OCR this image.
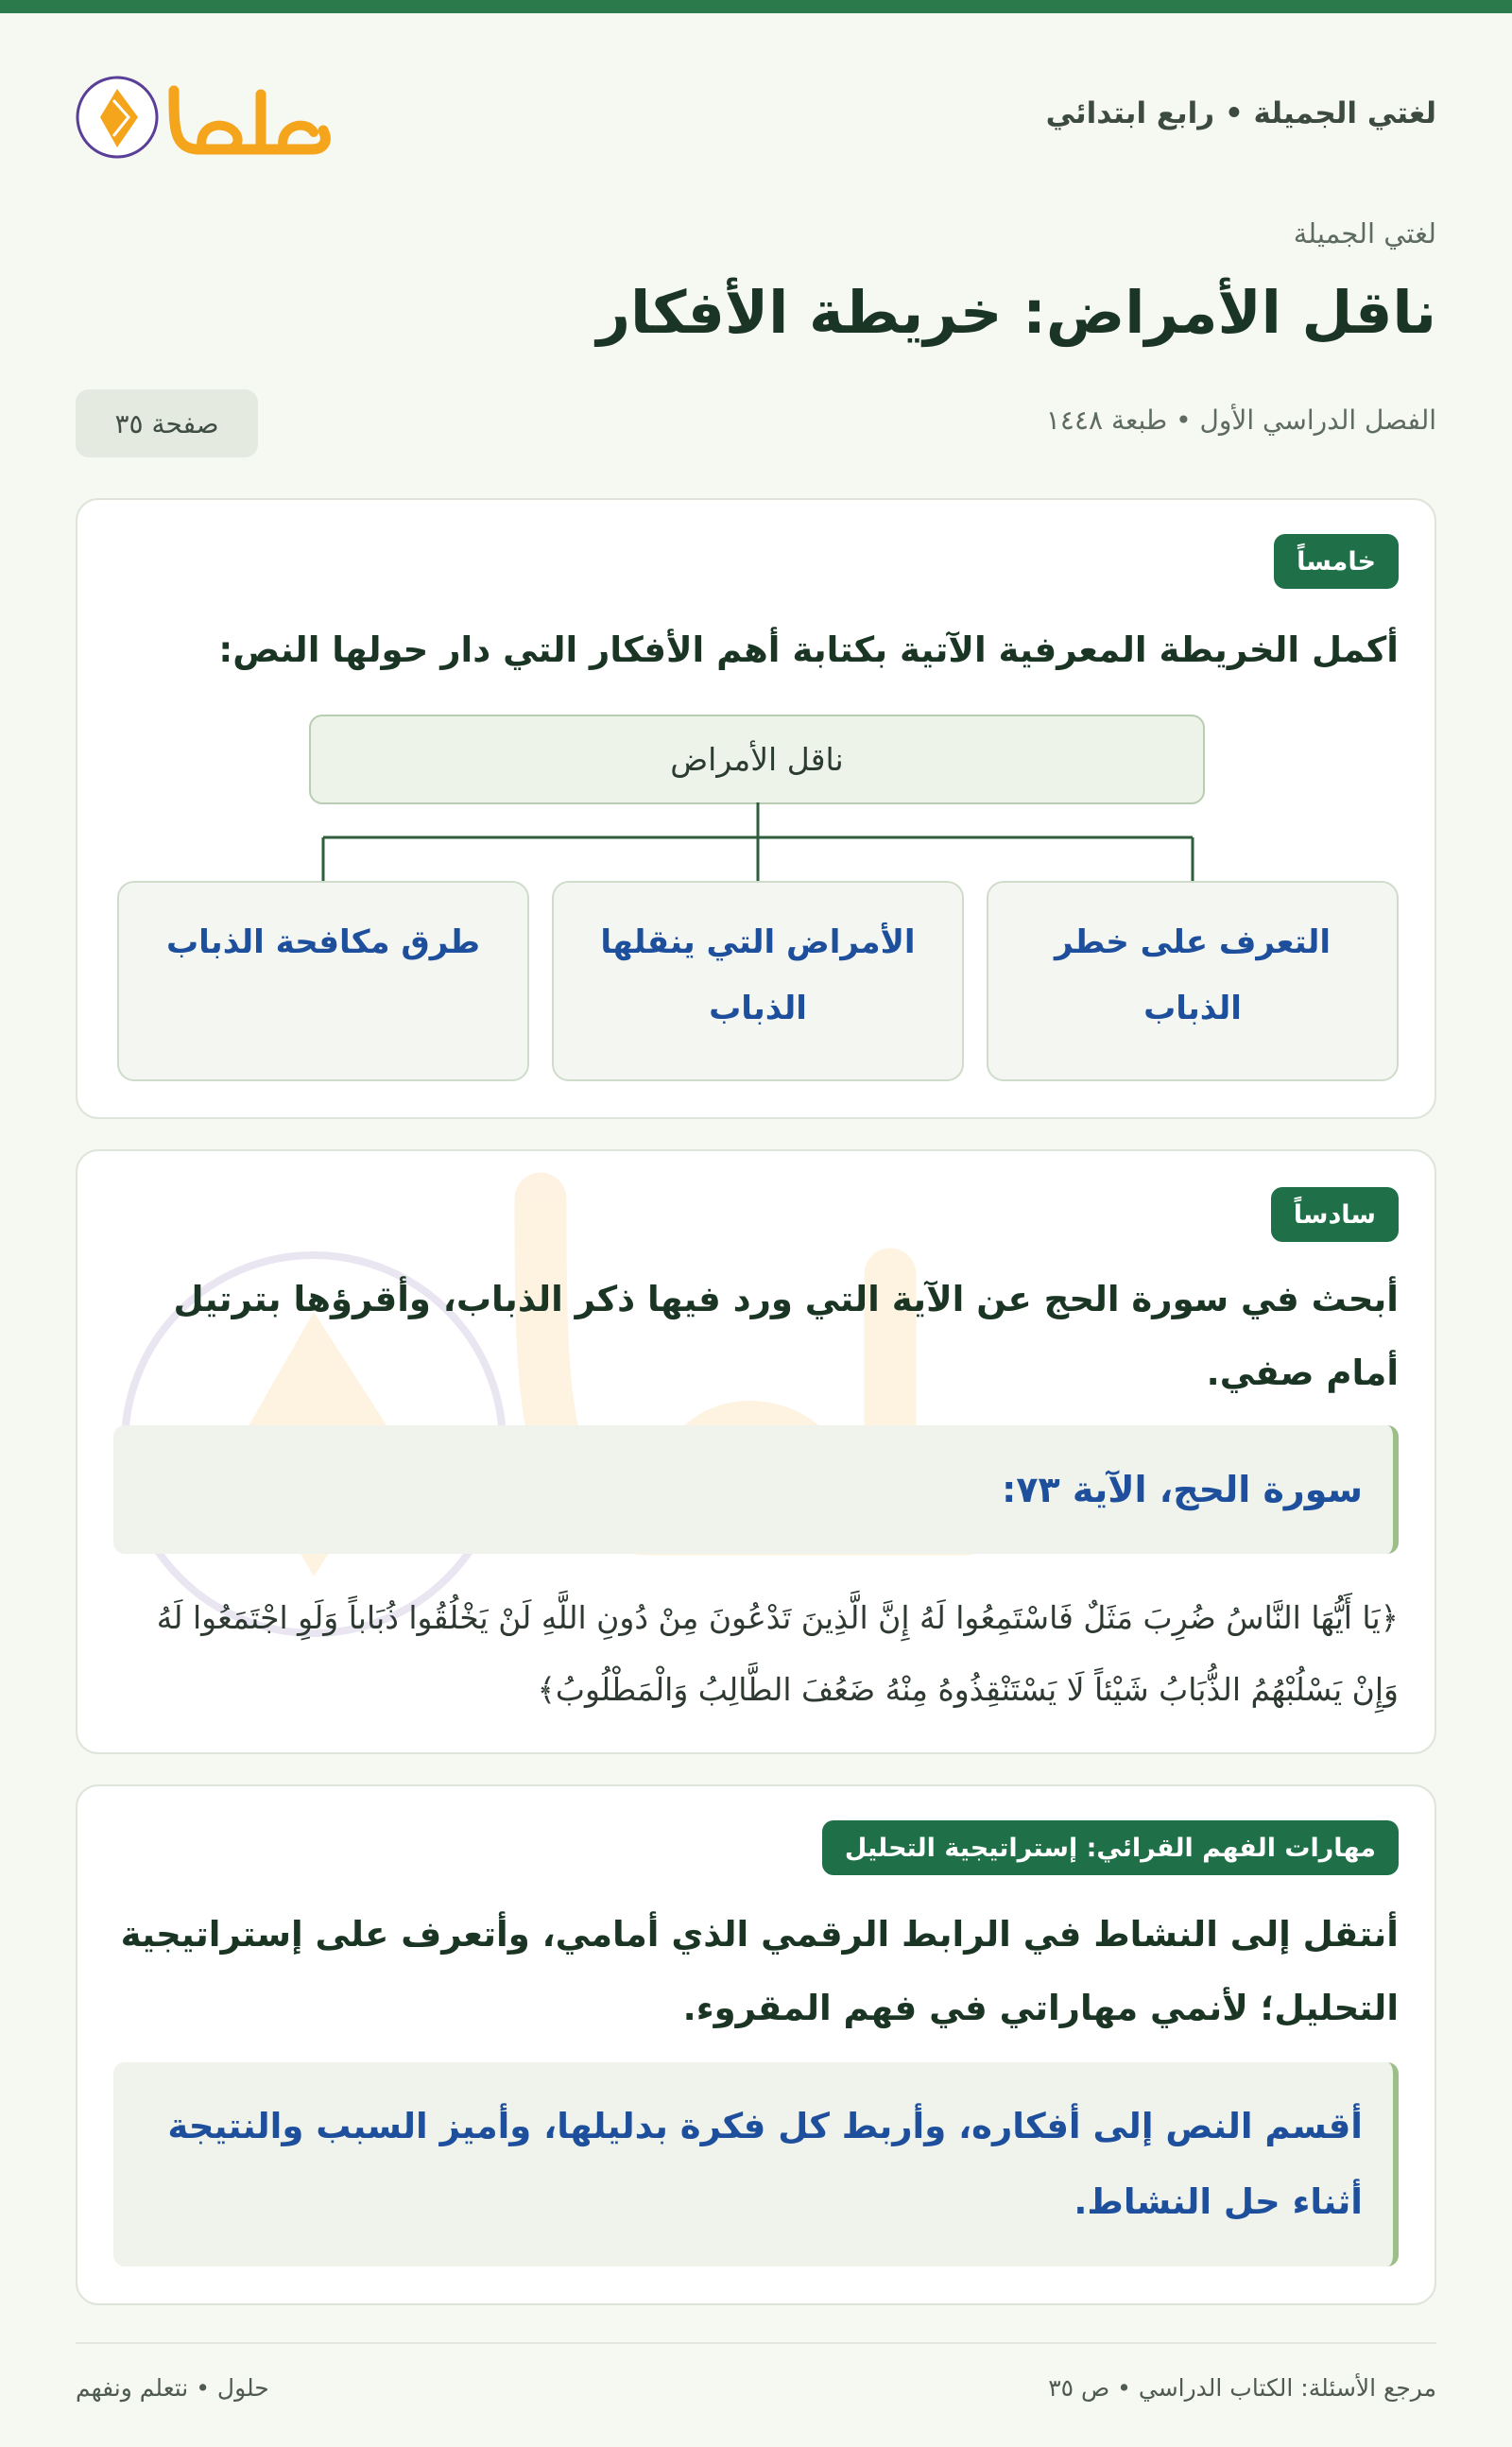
لغتي الجميلة • رابع ابتدائي
لغتي الجميلة
ناقل الأمراض: خريطة الأفكار
الفصل الدراسي الأول • طبعة ١٤٤٨
صفحة ٣٥
خامساً
أكمل الخريطة المعرفية الآتية بكتابة أهم الأفكار التي دار حولها النص:
ناقل الأمراض
التعرف على خطر الذباب
الأمراض التي ينقلها الذباب
طرق مكافحة الذباب
سادساً
أبحث في سورة الحج عن الآية التي ورد فيها ذكر الذباب، وأقرؤها بترتيل أمام صفي.
سورة الحج، الآية ٧٣:
﴿يَا أَيُّهَا النَّاسُ ضُرِبَ مَثَلٌ فَاسْتَمِعُوا لَهُ إِنَّ الَّذِينَ تَدْعُونَ مِنْ دُونِ اللَّهِ لَنْ يَخْلُقُوا ذُبَاباً وَلَوِ اجْتَمَعُوا لَهُ وَإِنْ يَسْلُبْهُمُ الذُّبَابُ شَيْئاً لَا يَسْتَنْقِذُوهُ مِنْهُ ضَعُفَ الطَّالِبُ وَالْمَطْلُوبُ﴾
مهارات الفهم القرائي: إستراتيجية التحليل
أنتقل إلى النشاط في الرابط الرقمي الذي أمامي، وأتعرف على إستراتيجية التحليل؛ لأنمي مهاراتي في فهم المقروء.
أقسم النص إلى أفكاره، وأربط كل فكرة بدليلها، وأميز السبب والنتيجة أثناء حل النشاط.
مرجع الأسئلة: الكتاب الدراسي • ص ٣٥
حلول • نتعلم ونفهم
